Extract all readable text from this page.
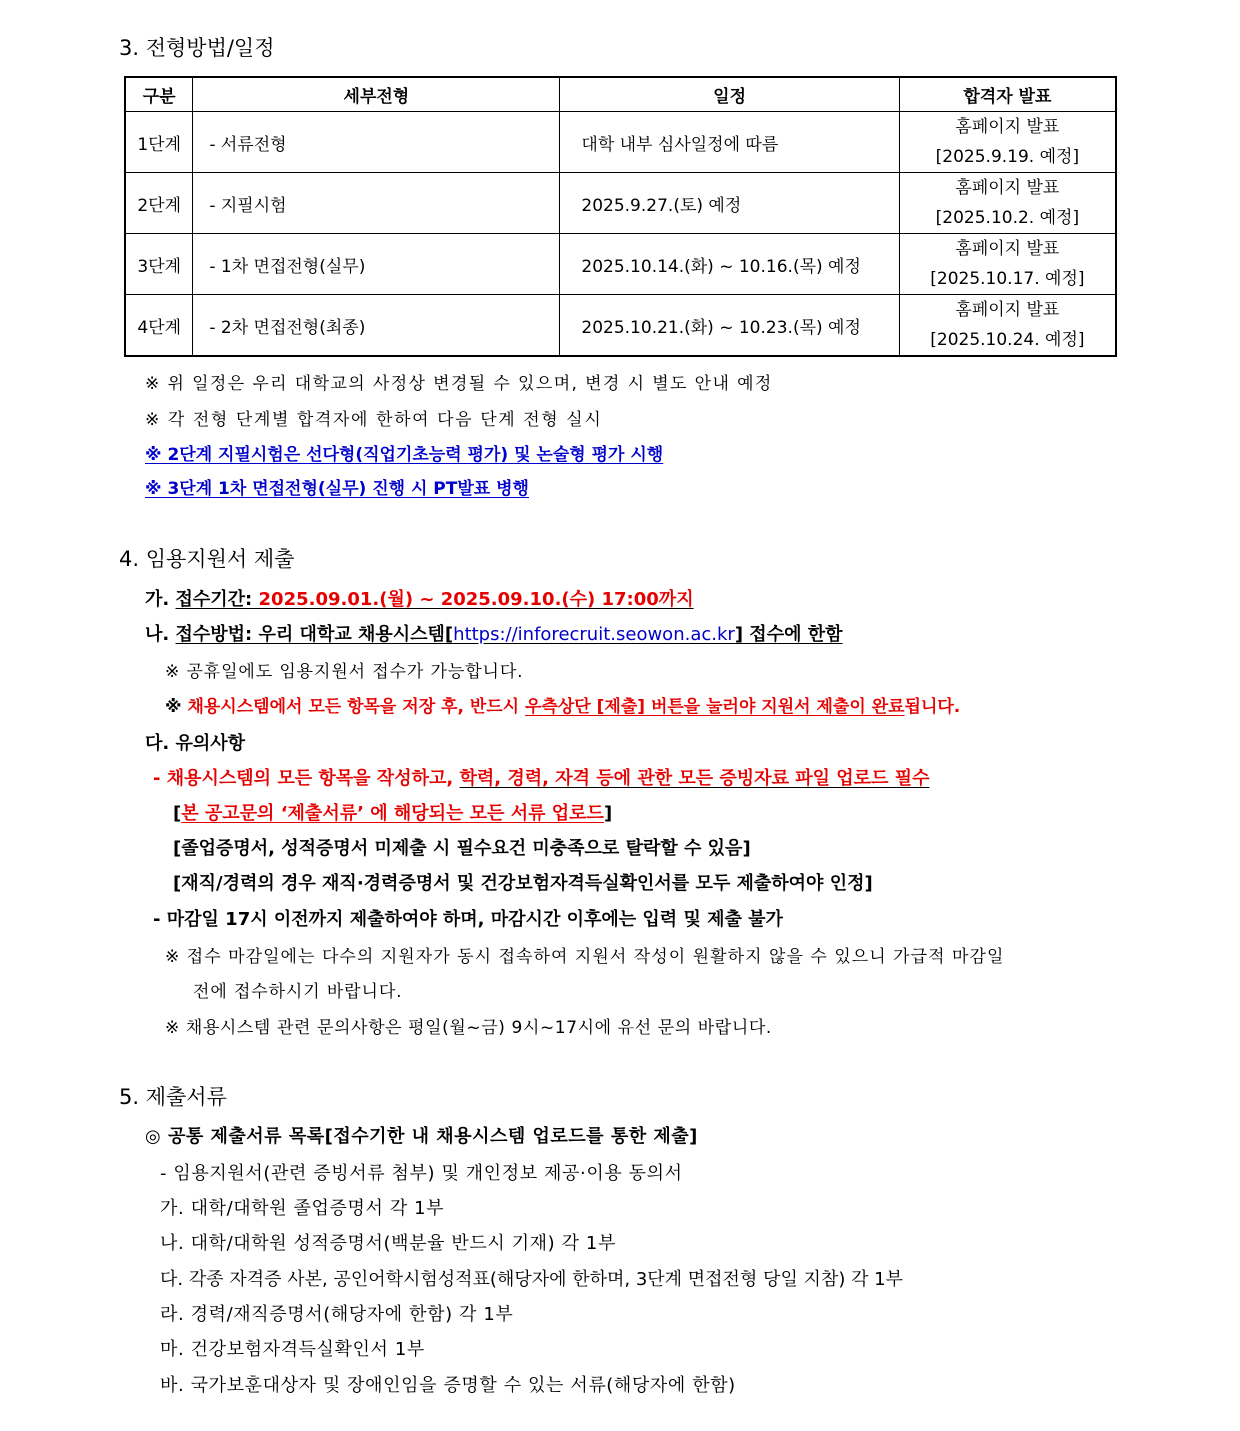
3. 전형방법/일정
구분	세부전형	일정	합격자 발표
1단계	- 서류전형	대학 내부 심사일정에 따름	홈페이지 발표
[2025.9.19. 예정]

2단계	- 지필시험	2025.9.27.(토) 예정	홈페이지 발표
[2025.10.2. 예정]

3단계	- 1차 면접전형(실무)	2025.10.14.(화) ~ 10.16.(목) 예정	홈페이지 발표
[2025.10.17. 예정]

4단계	- 2차 면접전형(최종)	2025.10.21.(화) ~ 10.23.(목) 예정	홈페이지 발표
[2025.10.24. 예정]
※ 위 일정은 우리 대학교의 사정상 변경될 수 있으며, 변경 시 별도 안내 예정
※ 각 전형 단계별 합격자에 한하여 다음 단계 전형 실시
※ 2단계 지필시험은 선다형(직업기초능력 평가) 및 논술형 평가 시행
※ 3단계 1차 면접전형(실무) 진행 시 PT발표 병행
4. 임용지원서 제출
가. 접수기간: 2025.09.01.(월) ~ 2025.09.10.(수) 17:00까지
나. 접수방법: 우리 대학교 채용시스템[https://inforecruit.seowon.ac.kr] 접수에 한함
※ 공휴일에도 임용지원서 접수가 가능합니다.
※ 채용시스템에서 모든 항목을 저장 후, 반드시 우측상단 [제출] 버튼을 눌러야 지원서 제출이 완료됩니다.
다. 유의사항
- 채용시스템의 모든 항목을 작성하고, 학력, 경력, 자격 등에 관한 모든 증빙자료 파일 업로드 필수
[본 공고문의 ‘제출서류’ 에 해당되는 모든 서류 업로드]
[졸업증명서, 성적증명서 미제출 시 필수요건 미충족으로 탈락할 수 있음]
[재직/경력의 경우 재직·경력증명서 및 건강보험자격득실확인서를 모두 제출하여야 인정]
- 마감일 17시 이전까지 제출하여야 하며, 마감시간 이후에는 입력 및 제출 불가
※ 접수 마감일에는 다수의 지원자가 동시 접속하여 지원서 작성이 원활하지 않을 수 있으니 가급적 마감일
전에 접수하시기 바랍니다.
※ 채용시스템 관련 문의사항은 평일(월~금) 9시~17시에 유선 문의 바랍니다.
5. 제출서류
◎ 공통 제출서류 목록[접수기한 내 채용시스템 업로드를 통한 제출]
- 임용지원서(관련 증빙서류 첨부) 및 개인정보 제공·이용 동의서
가. 대학/대학원 졸업증명서 각 1부
나. 대학/대학원 성적증명서(백분율 반드시 기재) 각 1부
다. 각종 자격증 사본, 공인어학시험성적표(해당자에 한하며, 3단계 면접전형 당일 지참) 각 1부
라. 경력/재직증명서(해당자에 한함) 각 1부
마. 건강보험자격득실확인서 1부
바. 국가보훈대상자 및 장애인임을 증명할 수 있는 서류(해당자에 한함)
